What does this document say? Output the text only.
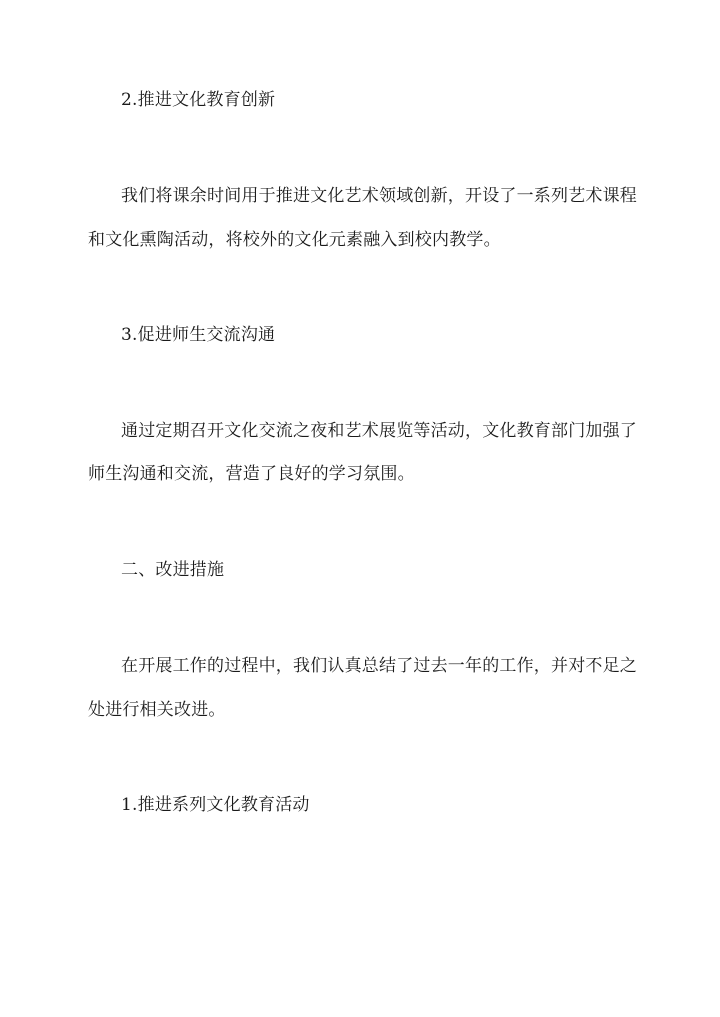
2.推进文化教育创新
我们将课余时间用于推进文化艺术领域创新，开设了一系列艺术课程
和文化熏陶活动，将校外的文化元素融入到校内教学。
3.促进师生交流沟通
通过定期召开文化交流之夜和艺术展览等活动，文化教育部门加强了
师生沟通和交流，营造了良好的学习氛围。
二、改进措施
在开展工作的过程中，我们认真总结了过去一年的工作，并对不足之
处进行相关改进。
1.推进系列文化教育活动
